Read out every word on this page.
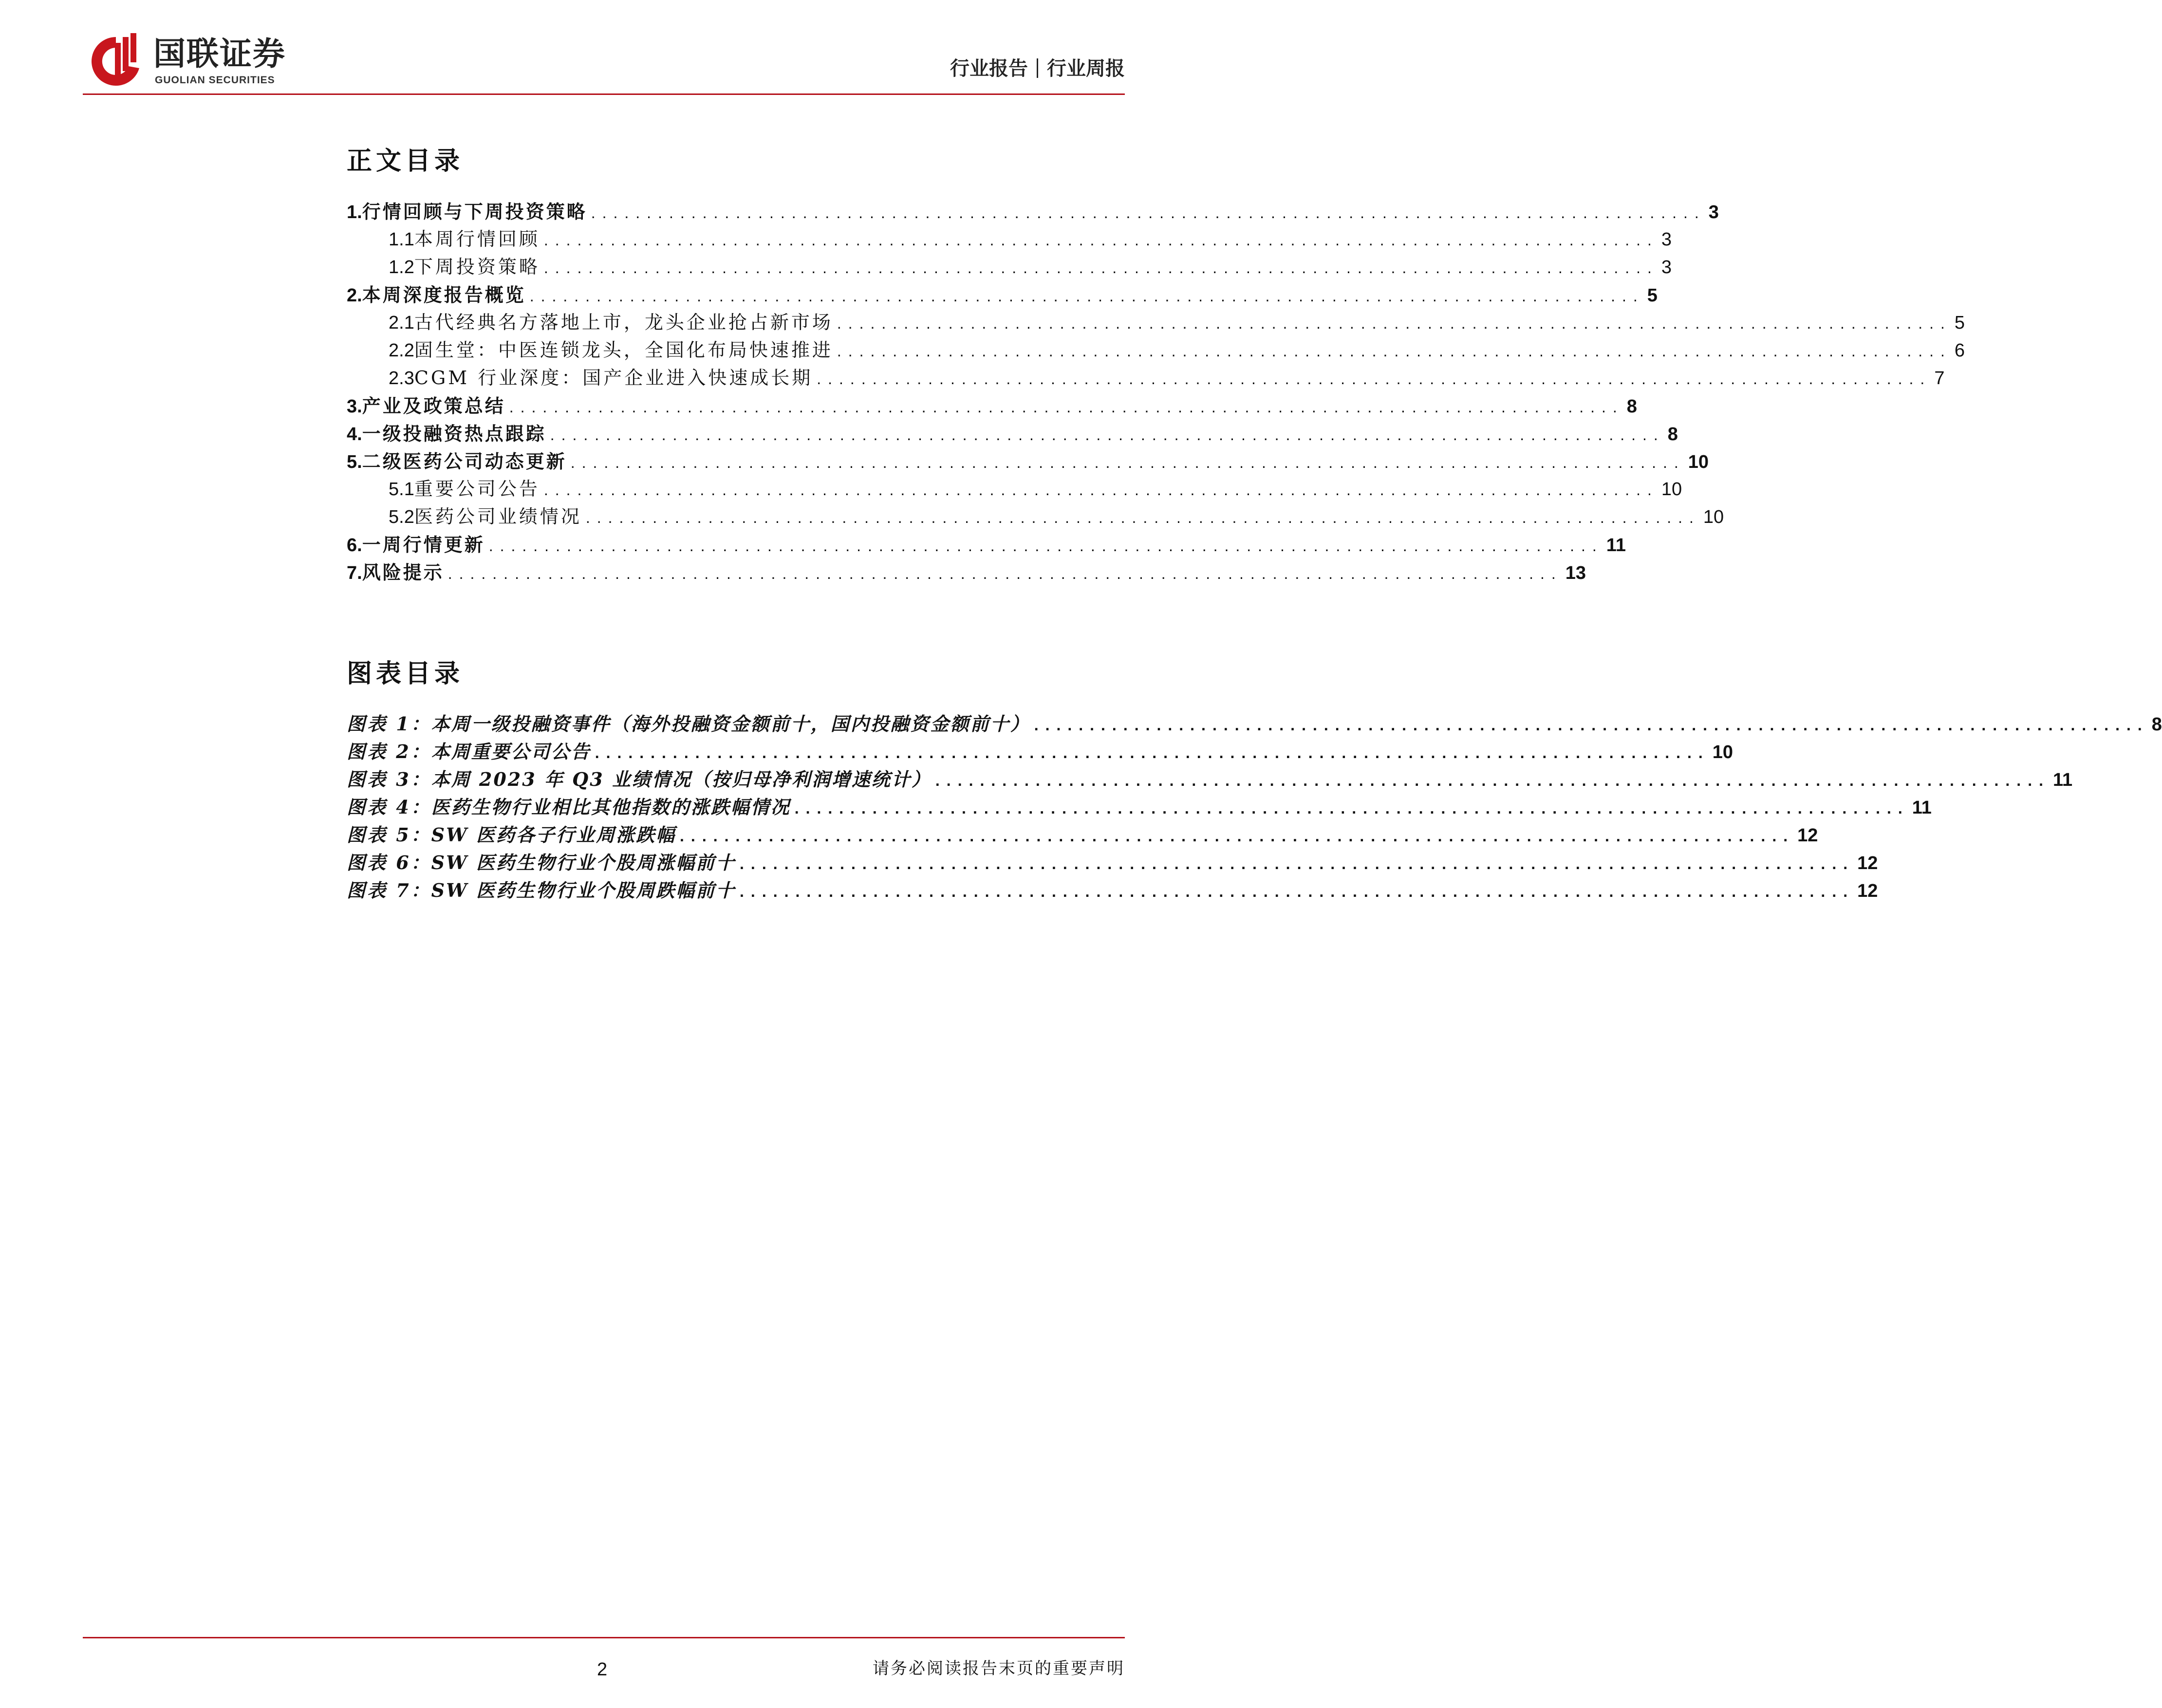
国联证券
GUOLIAN SECURITIES
行业报告 行业周报
正文目录
1. 行情回顾与下周投资策略 .................................................................................................... 3
1.1 本周行情回顾 .................................................................................................... 3
1.2 下周投资策略 .................................................................................................... 3
2. 本周深度报告概览 .................................................................................................... 5
2.1 古代经典名方落地上市，龙头企业抢占新市场 .................................................................................................... 5
2.2 固生堂：中医连锁龙头，全国化布局快速推进 .................................................................................................... 6
2.3 CGM 行业深度：国产企业进入快速成长期 .................................................................................................... 7
3. 产业及政策总结 .................................................................................................... 8
4. 一级投融资热点跟踪 .................................................................................................... 8
5. 二级医药公司动态更新 .................................................................................................... 10
5.1 重要公司公告 .................................................................................................... 10
5.2 医药公司业绩情况 .................................................................................................... 10
6. 一周行情更新 .................................................................................................... 11
7. 风险提示 .................................................................................................... 13
图表目录
图表 1： 本周一级投融资事件（海外投融资金额前十，国内投融资金额前十） .................................................................................................... 8
图表 2： 本周重要公司公告 .................................................................................................... 10
图表 3： 本周 2023 年 Q3 业绩情况（按归母净利润增速统计） .................................................................................................... 11
图表 4： 医药生物行业相比其他指数的涨跌幅情况 .................................................................................................... 11
图表 5： SW 医药各子行业周涨跌幅 .................................................................................................... 12
图表 6： SW 医药生物行业个股周涨幅前十 .................................................................................................... 12
图表 7： SW 医药生物行业个股周跌幅前十 .................................................................................................... 12
2	请务必阅读报告末页的重要声明
